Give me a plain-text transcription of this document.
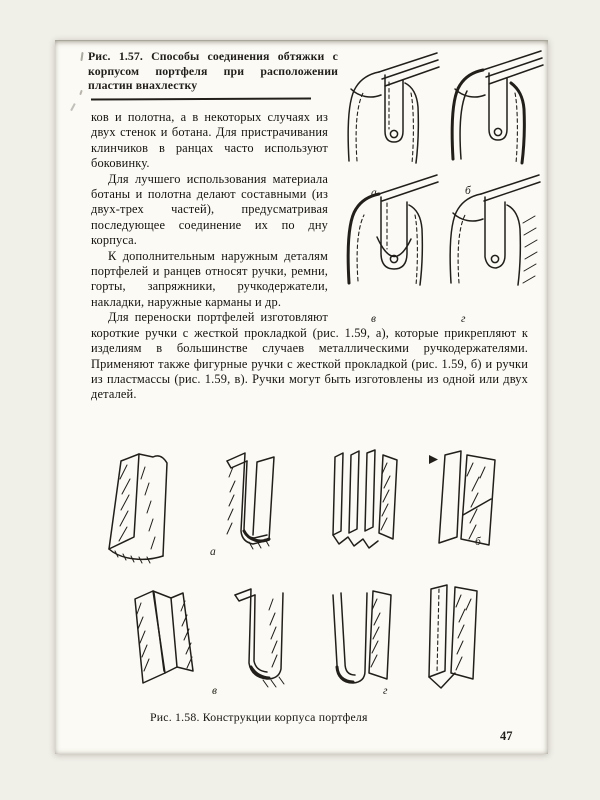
Рис. 1.57. Способы соединения обтяжки с корпусом портфеля при расположении пластин внахлестку
а	б
в	г

ков и полотна, а в некоторых случаях из двух стенок и ботана. Для пристрачивания клинчиков в ранцах часто используют боковинку.

Для лучшего использования материала ботаны и полотна делают составными (из двух-трех частей), предусматривая последующее соединение их по дну корпуса.

К дополнительным наружным деталям портфелей и ранцев относят ручки, ремни, горты, запряжники, ручкодержатели, накладки, наружные карманы и др.

Для переноски портфелей изготовляют короткие ручки с жесткой прокладкой (рис. 1.59, а), которые прикрепляют к изделиям в большинстве случаев металлическими ручкодержателями. Применяют также фигурные ручки с жесткой прокладкой (рис. 1.59, б) и ручки из пластмассы (рис. 1.59, в). Ручки могут быть изготовлены из одной или двух деталей.

а
б
в	г
Рис. 1.58. Конструкции корпуса портфеля
47
